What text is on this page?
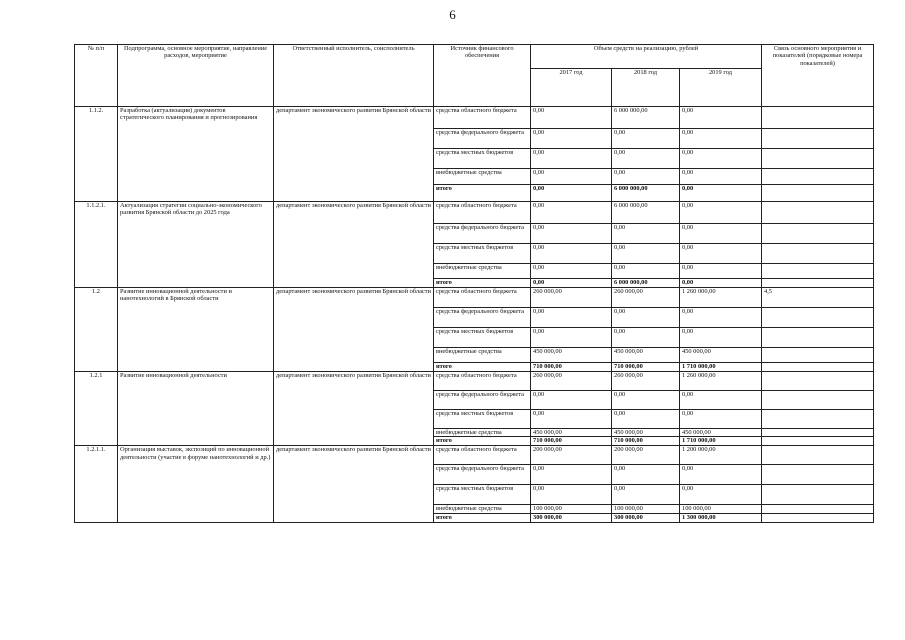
6
№ п/п	Подпрограмма, основное мероприятие, направление расходов, мероприятие	Ответственный исполнитель, соисполнитель	Источник финансового обеспечения	Объем средств на реализацию, рублей			Связь основного мероприятия и показателей (порядковые номера показателей)
				2017 год	2018 год	2019 год	
1.1.2.	Разработка (актуализация) документов стратегического планирования и прогнозирования	департамент экономического развития Брянской области	средства областного бюджета	0,00	6 000 000,00	0,00	
			средства федерального бюджета	0,00	0,00	0,00	
			средства местных бюджетов	0,00	0,00	0,00	
			внебюджетные средства	0,00	0,00	0,00	
			итого	0,00	6 000 000,00	0,00	
1.1.2.1.	Актуализация стратегии социально-экономического развития Брянской области до 2025 года	департамент экономического развития Брянской области	средства областного бюджета	0,00	6 000 000,00	0,00	
			средства федерального бюджета	0,00	0,00	0,00	
			средства местных бюджетов	0,00	0,00	0,00	
			внебюджетные средства	0,00	0,00	0,00	
			итого	0,00	6 000 000,00	0,00	
1.2	Развитие инновационной деятельности и нанотехнологий в Брянской области	департамент экономического развития Брянской области	средства областного бюджета	260 000,00	260 000,00	1 260 000,00	4,5
			средства федерального бюджета	0,00	0,00	0,00	
			средства местных бюджетов	0,00	0,00	0,00	
			внебюджетные средства	450 000,00	450 000,00	450 000,00	
			итого	710 000,00	710 000,00	1 710 000,00	
1.2.1	Развитие инновационной деятельности	департамент экономического развития Брянской области	средства областного бюджета	260 000,00	260 000,00	1 260 000,00	
			средства федерального бюджета	0,00	0,00	0,00	
			средства местных бюджетов	0,00	0,00	0,00	
			внебюджетные средства	450 000,00	450 000,00	450 000,00	
			итого	710 000,00	710 000,00	1 710 000,00	
1.2.1.1.	Организация выставок, экспозиций по инновационной деятельности (участие в форуме нанотехнологий и др.)	департамент экономического развития Брянской области	средства областного бюджета	200 000,00	200 000,00	1 200 000,00	
			средства федерального бюджета	0,00	0,00	0,00	
			средства местных бюджетов	0,00	0,00	0,00	
			внебюджетные средства	100 000,00	100 000,00	100 000,00	
			итого	300 000,00	300 000,00	1 300 000,00	
